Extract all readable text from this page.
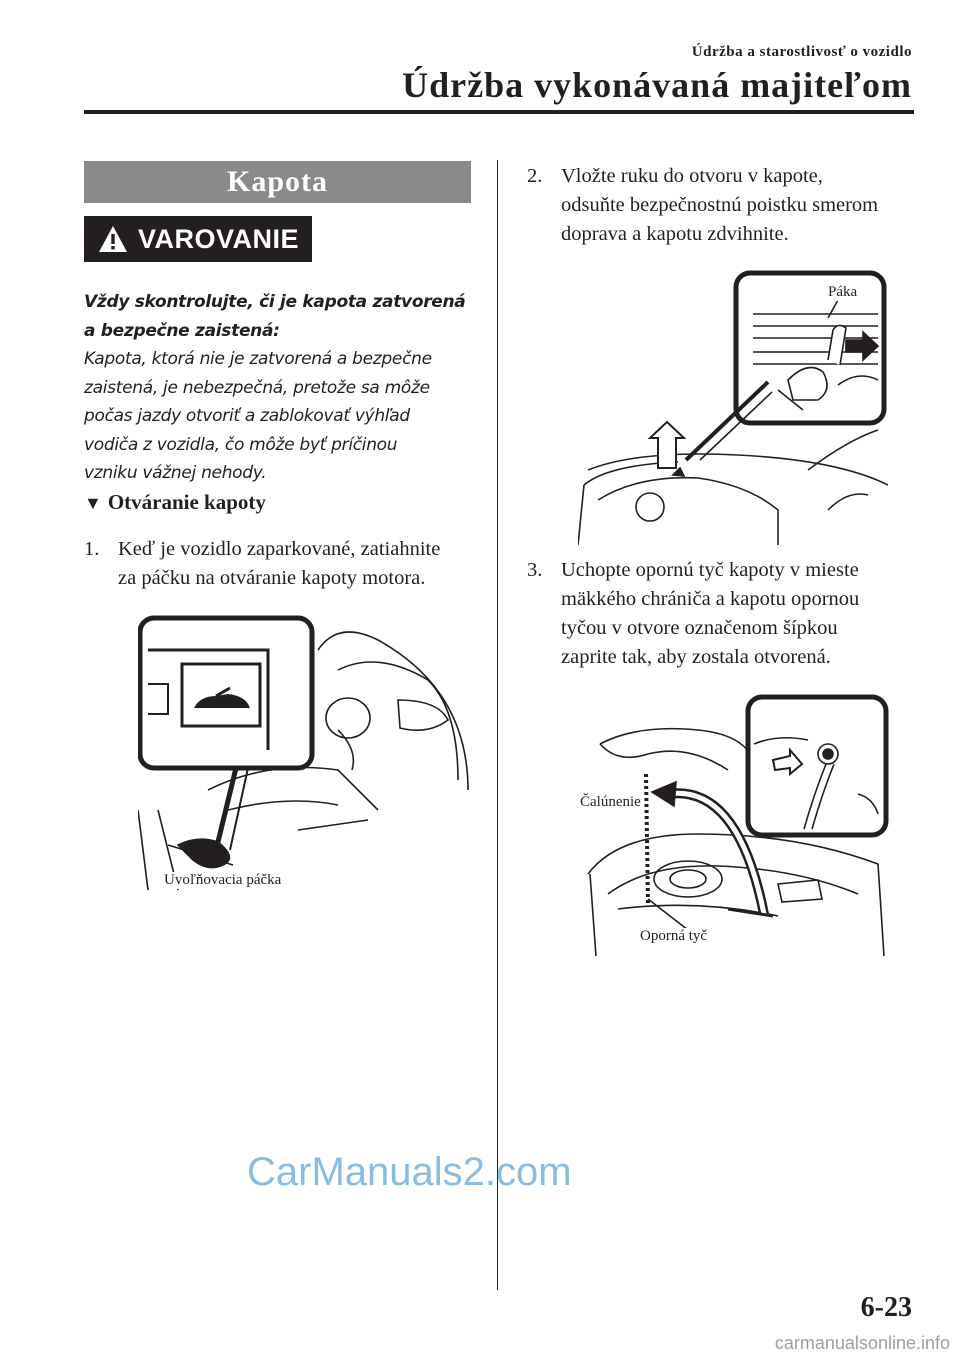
Údržba a starostlivosť o vozidlo
Údržba vykonávaná majiteľom
Kapota
VAROVANIE
Vždy skontrolujte, či je kapota zatvorená
a bezpečne zaistená:
Kapota, ktorá nie je zatvorená a bezpečne
zaistená, je nebezpečná, pretože sa môže
počas jazdy otvoriť a zablokovať výhľad
vodiča z vozidla, čo môže byť príčinou
vzniku vážnej nehody.
▼ Otváranie kapoty
1. Keď je vozidlo zaparkované, zatiahnite
za páčku na otváranie kapoty motora.
Uvoľňovacia páčka
2. Vložte ruku do otvoru v kapote,
odsuňte bezpečnostnú poistku smerom
doprava a kapotu zdvihnite.
Páka
3. Uchopte opornú tyč kapoty v mieste
mäkkého chrániča a kapotu opornou
tyčou v otvore označenom šípkou
zaprite tak, aby zostala otvorená.
Čalúnenie
Oporná tyč
6-23
CarManuals2.com
carmanualsonline.info
